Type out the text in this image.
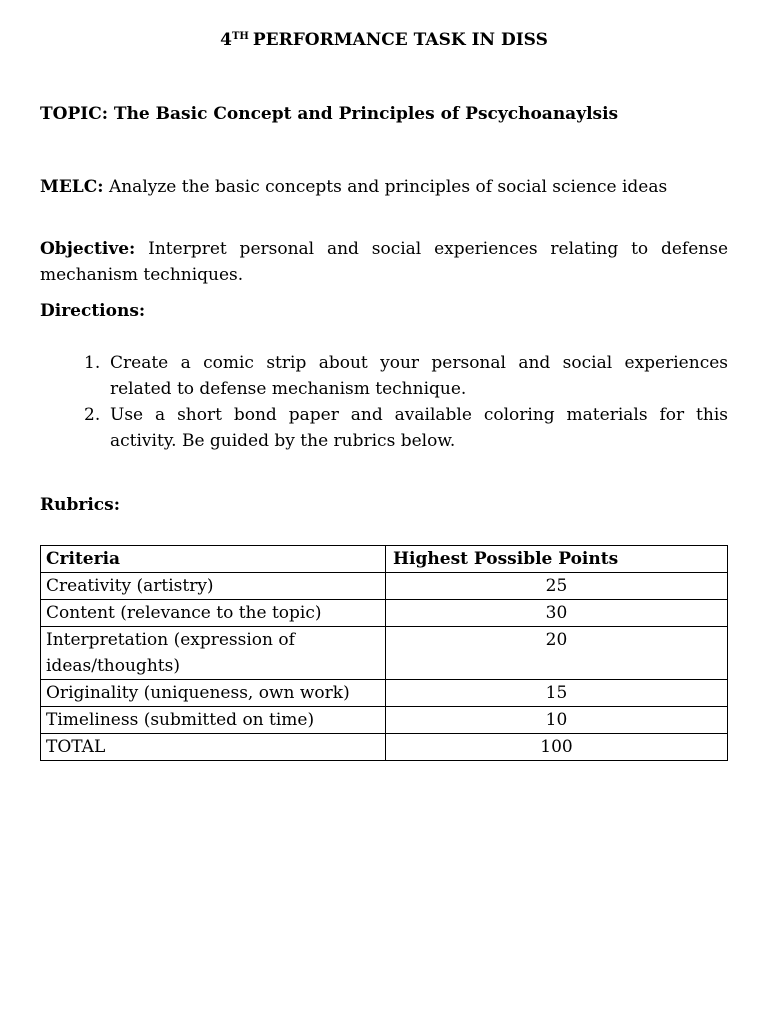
4TH PERFORMANCE TASK IN DISS
TOPIC: The Basic Concept and Principles of Pscychoanaylsis
MELC: Analyze the basic concepts and principles of social science ideas
Objective: Interpret personal and social experiences relating to defense mechanism techniques.
Directions:
1. Create a comic strip about your personal and social experiences related to defense mechanism technique.
2. Use a short bond paper and available coloring materials for this activity. Be guided by the rubrics below.
Rubrics:
Criteria	Highest Possible Points
Creativity (artistry)	25
Content (relevance to the topic)	30
Interpretation (expression of ideas/thoughts)	20
Originality (uniqueness, own work)	15
Timeliness (submitted on time)	10
TOTAL	100
